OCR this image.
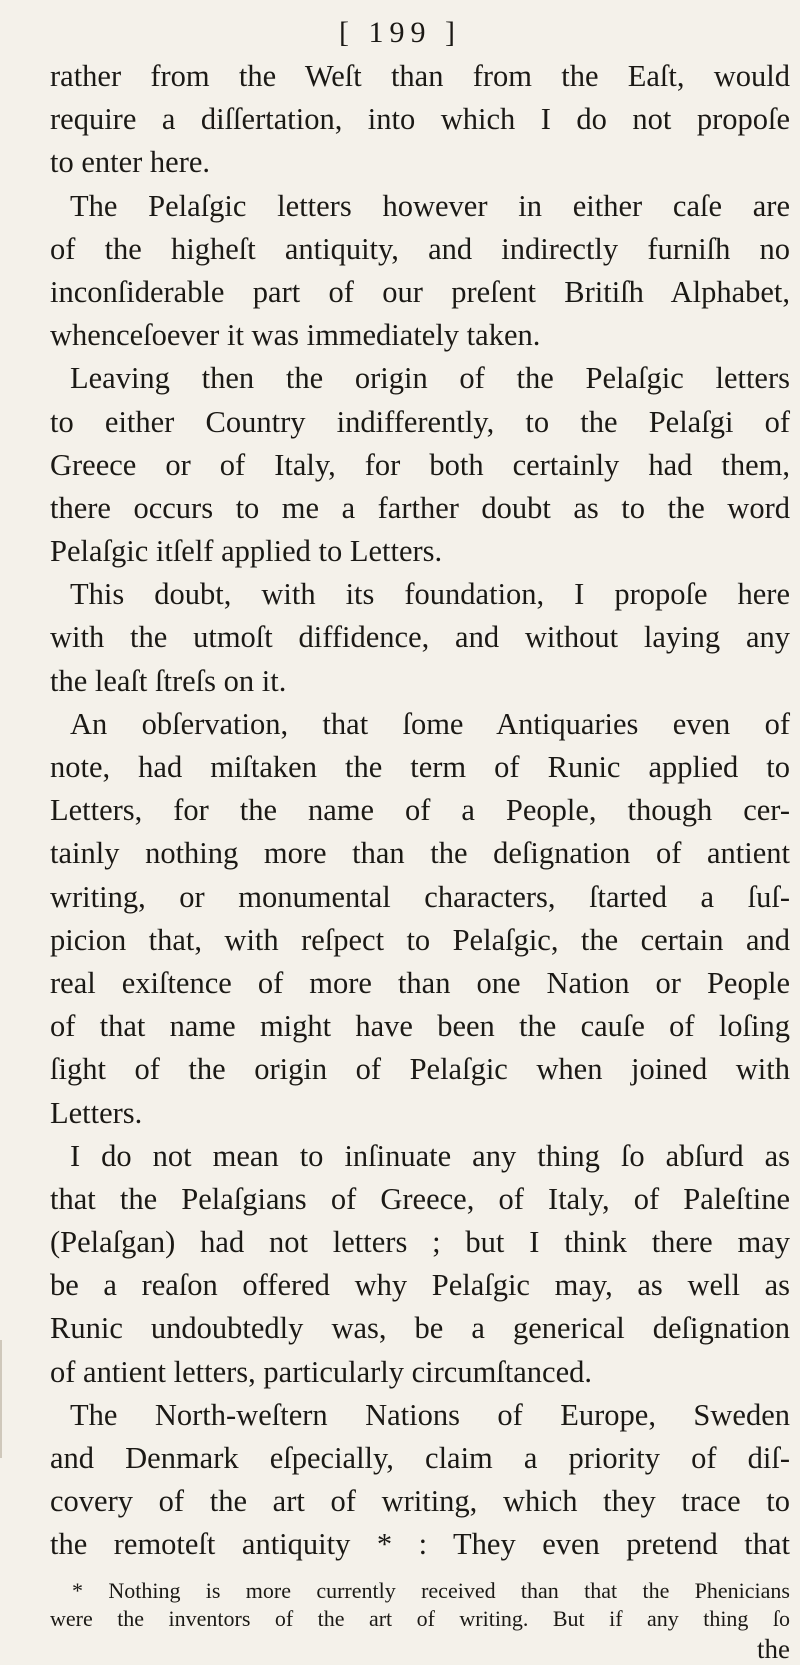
[ 199 ]
rather from the Weſt than from the Eaſt, would
require a diſſertation, into which I do not propoſe
to enter here.
The Pelaſgic letters however in either caſe are
of the higheſt antiquity, and indirectly furniſh no
inconſiderable part of our preſent Britiſh Alphabet,
whenceſoever it was immediately taken.
Leaving then the origin of the Pelaſgic letters
to either Country indifferently, to the Pelaſgi of
Greece or of Italy, for both certainly had them,
there occurs to me a farther doubt as to the word
Pelaſgic itſelf applied to Letters.
This doubt, with its foundation, I propoſe here
with the utmoſt diffidence, and without laying any
the leaſt ſtreſs on it.
An obſervation, that ſome Antiquaries even of
note, had miſtaken the term of Runic applied to
Letters, for the name of a People, though cer-
tainly nothing more than the deſignation of antient
writing, or monumental characters, ſtarted a ſuſ-
picion that, with reſpect to Pelaſgic, the certain and
real exiſtence of more than one Nation or People
of that name might have been the cauſe of loſing
ſight of the origin of Pelaſgic when joined with
Letters.
I do not mean to inſinuate any thing ſo abſurd as
that the Pelaſgians of Greece, of Italy, of Paleſtine
(Pelaſgan) had not letters ; but I think there may
be a reaſon offered why Pelaſgic may, as well as
Runic undoubtedly was, be a generical deſignation
of antient letters, particularly circumſtanced.
The North-weſtern Nations of Europe, Sweden
and Denmark eſpecially, claim a priority of diſ-
covery of the art of writing, which they trace to
the remoteſt antiquity * : They even pretend that
* Nothing is more currently received than that the Phenicians
were the inventors of the art of writing. But if any thing ſo
the
